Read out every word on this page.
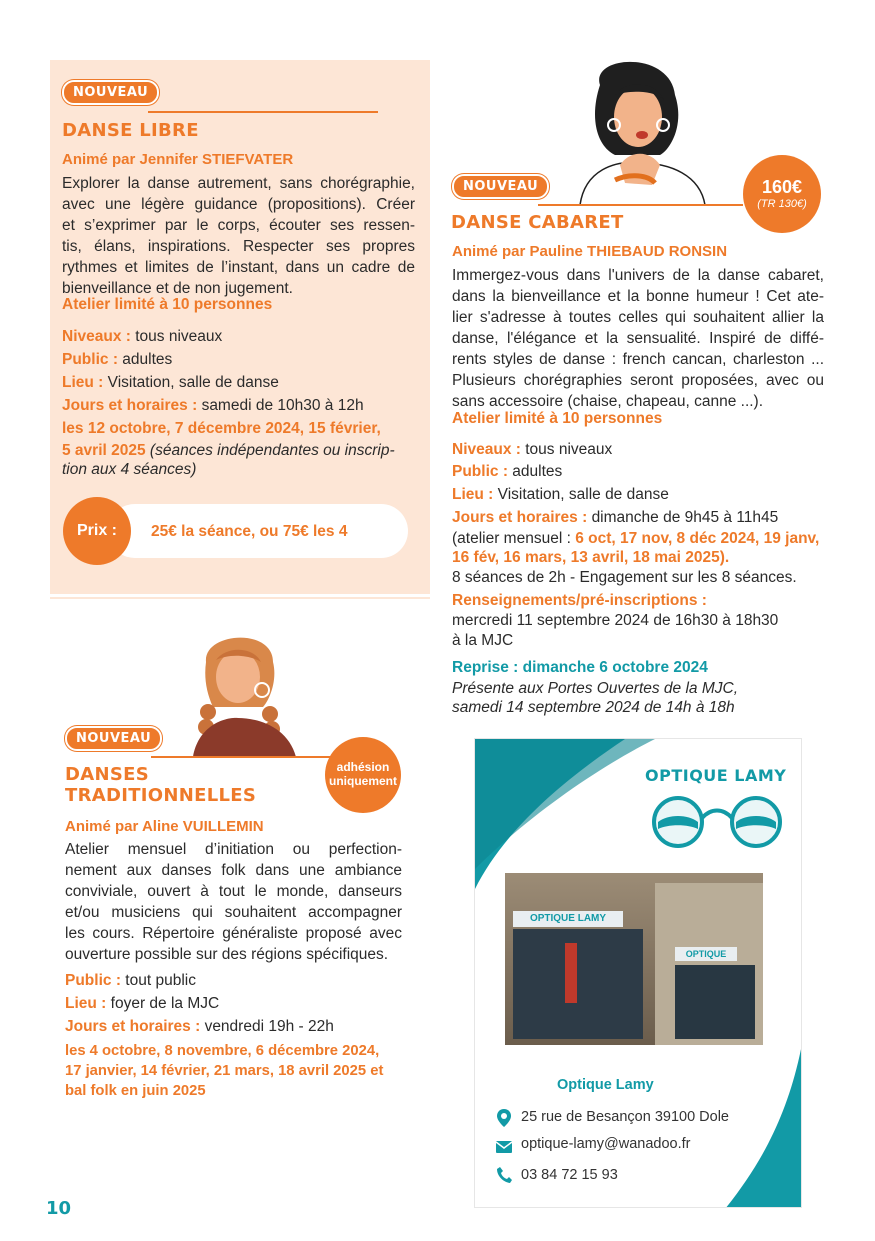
NOUVEAU
DANSE LIBRE
Animé par Jennifer STIEFVATER
Explorer la danse autrement, sans chorégraphie,
avec une légère guidance (propositions). Créer
et s’exprimer par le corps, écouter ses ressen-
tis, élans, inspirations. Respecter ses propres
rythmes et limites de l’instant, dans un cadre de
bienveillance et de non jugement.
Atelier limité à 10 personnes
Niveaux : tous niveaux
Public : adultes
Lieu : Visitation, salle de danse
Jours et horaires : samedi de 10h30 à 12h
les 12 octobre, 7 décembre 2024, 15 février,
5 avril 2025 (séances indépendantes ou inscrip-
tion aux 4 séances)
Prix :	25€ la séance, ou 75€ les 4
NOUVEAU	160€
(TR 130€)
DANSE CABARET
Animé par Pauline THIEBAUD RONSIN
Immergez-vous dans l'univers de la danse cabaret,
dans la bienveillance et la bonne humeur ! Cet ate-
lier s'adresse à toutes celles qui souhaitent allier la
danse, l'élégance et la sensualité. Inspiré de diffé-
rents styles de danse : french cancan, charleston ...
Plusieurs chorégraphies seront proposées, avec ou
sans accessoire (chaise, chapeau, canne ...).
Atelier limité à 10 personnes
Niveaux : tous niveaux
Public : adultes
Lieu : Visitation, salle de danse
Jours et horaires : dimanche de 9h45 à 11h45
(atelier mensuel : 6 oct, 17 nov, 8 déc 2024, 19 janv,
16 fév, 16 mars, 13 avril, 18 mai 2025).
8 séances de 2h - Engagement sur les 8 séances.
Renseignements/pré-inscriptions :
mercredi 11 septembre 2024 de 16h30 à 18h30
à la MJC
Reprise : dimanche 6 octobre 2024
Présente aux Portes Ouvertes de la MJC,
samedi 14 septembre 2024 de 14h à 18h
NOUVEAU
adhésion
uniquement
DANSES
TRADITIONNELLES
Animé par Aline VUILLEMIN
Atelier mensuel d’initiation ou perfection-
nement aux danses folk dans une ambiance
conviviale, ouvert à tout le monde, danseurs
et/ou musiciens qui souhaitent accompagner
les cours. Répertoire généraliste proposé avec
ouverture possible sur des régions spécifiques.
Public : tout public
Lieu : foyer de la MJC
Jours et horaires : vendredi 19h - 22h
les 4 octobre, 8 novembre, 6 décembre 2024,
17 janvier, 14 février, 21 mars, 18 avril 2025 et
bal folk en juin 2025
10
OPTIQUE LAMY
OPTIQUE LAMY
OPTIQUE
Optique Lamy
25 rue de Besançon 39100 Dole
optique-lamy@wanadoo.fr
03 84 72 15 93
